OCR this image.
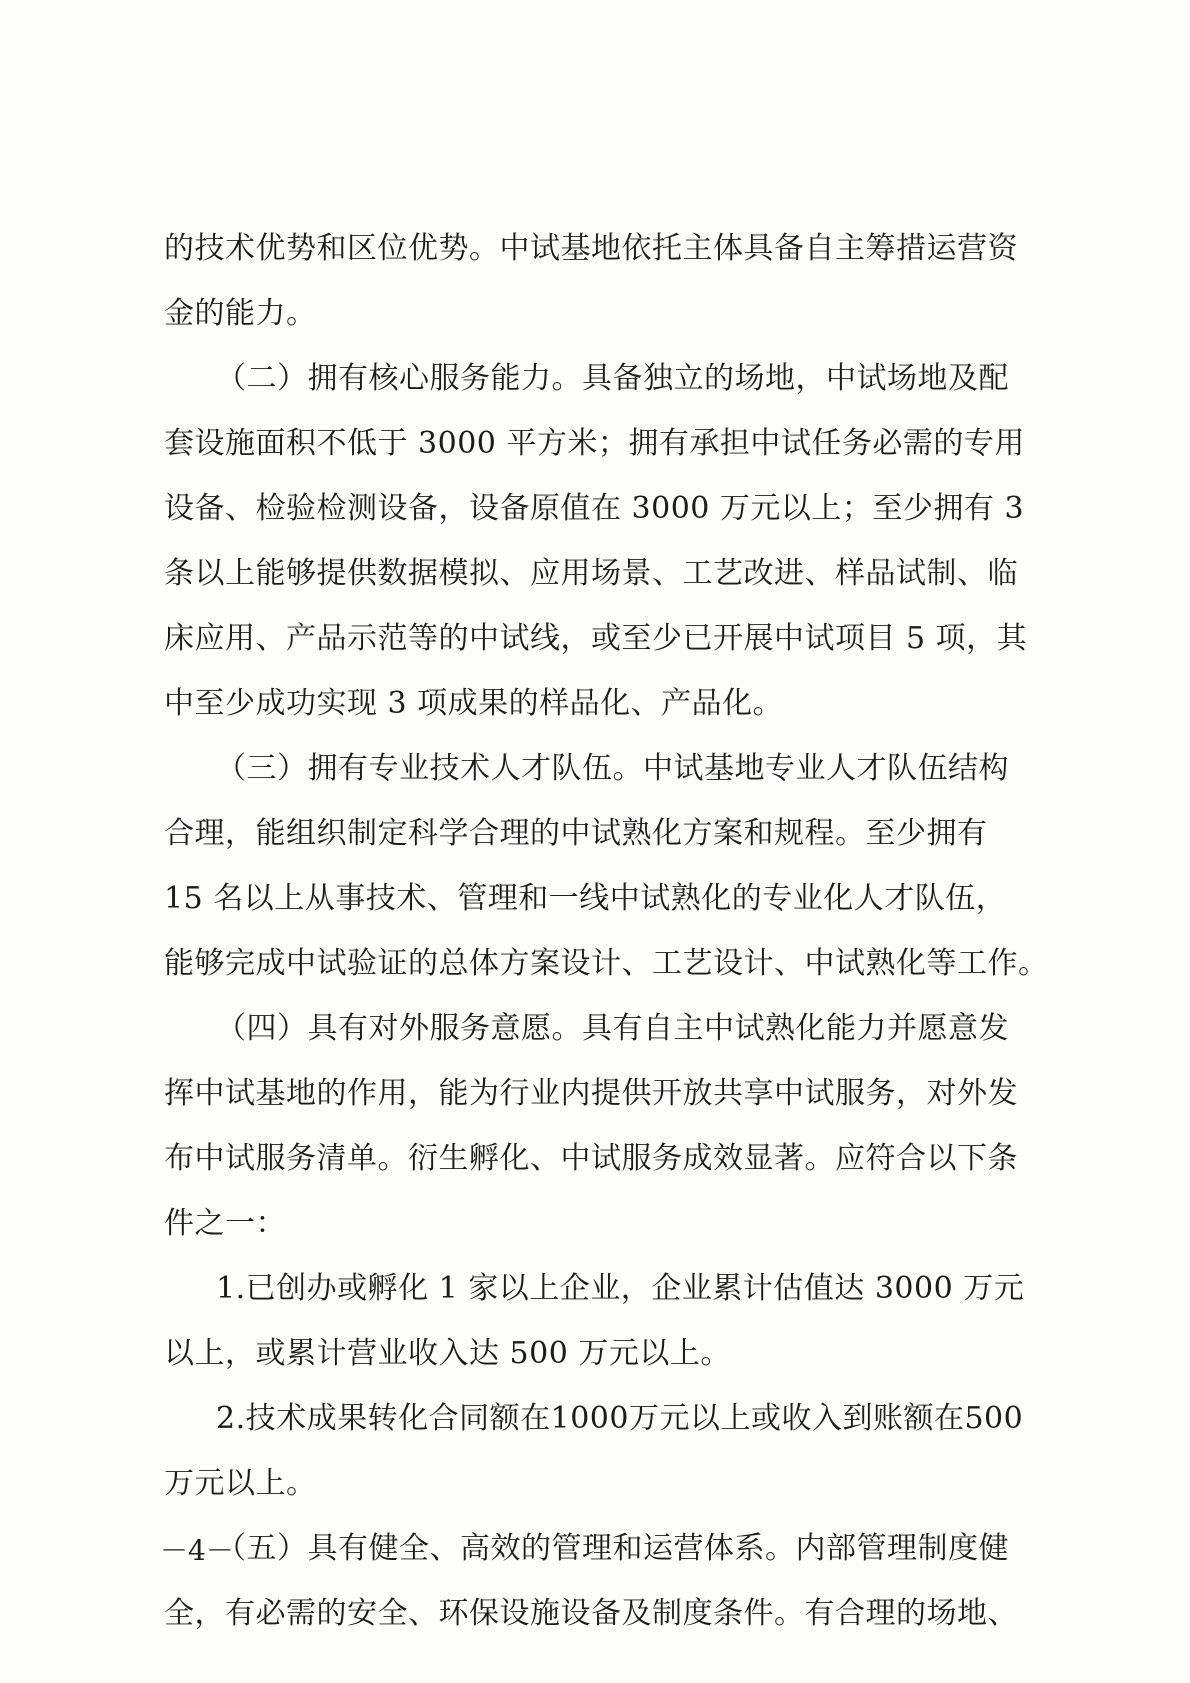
的技术优势和区位优势。中试基地依托主体具备自主筹措运营资
金的能力。
（二）拥有核心服务能力。具备独立的场地，中试场地及配
套设施面积不低于 3000 平方米；拥有承担中试任务必需的专用
设备、检验检测设备，设备原值在 3000 万元以上；至少拥有 3
条以上能够提供数据模拟、应用场景、工艺改进、样品试制、临
床应用、产品示范等的中试线，或至少已开展中试项目 5 项，其
中至少成功实现 3 项成果的样品化、产品化。
（三）拥有专业技术人才队伍。中试基地专业人才队伍结构
合理，能组织制定科学合理的中试熟化方案和规程。至少拥有
15 名以上从事技术、管理和一线中试熟化的专业化人才队伍，
能够完成中试验证的总体方案设计、工艺设计、中试熟化等工作。
（四）具有对外服务意愿。具有自主中试熟化能力并愿意发
挥中试基地的作用，能为行业内提供开放共享中试服务，对外发
布中试服务清单。衍生孵化、中试服务成效显著。应符合以下条
件之一：
1.已创办或孵化 1 家以上企业，企业累计估值达 3000 万元
以上，或累计营业收入达 500 万元以上。
2.技术成果转化合同额在1000万元以上或收入到账额在500
万元以上。
（五）具有健全、高效的管理和运营体系。内部管理制度健
全，有必需的安全、环保设施设备及制度条件。有合理的场地、
－4－
